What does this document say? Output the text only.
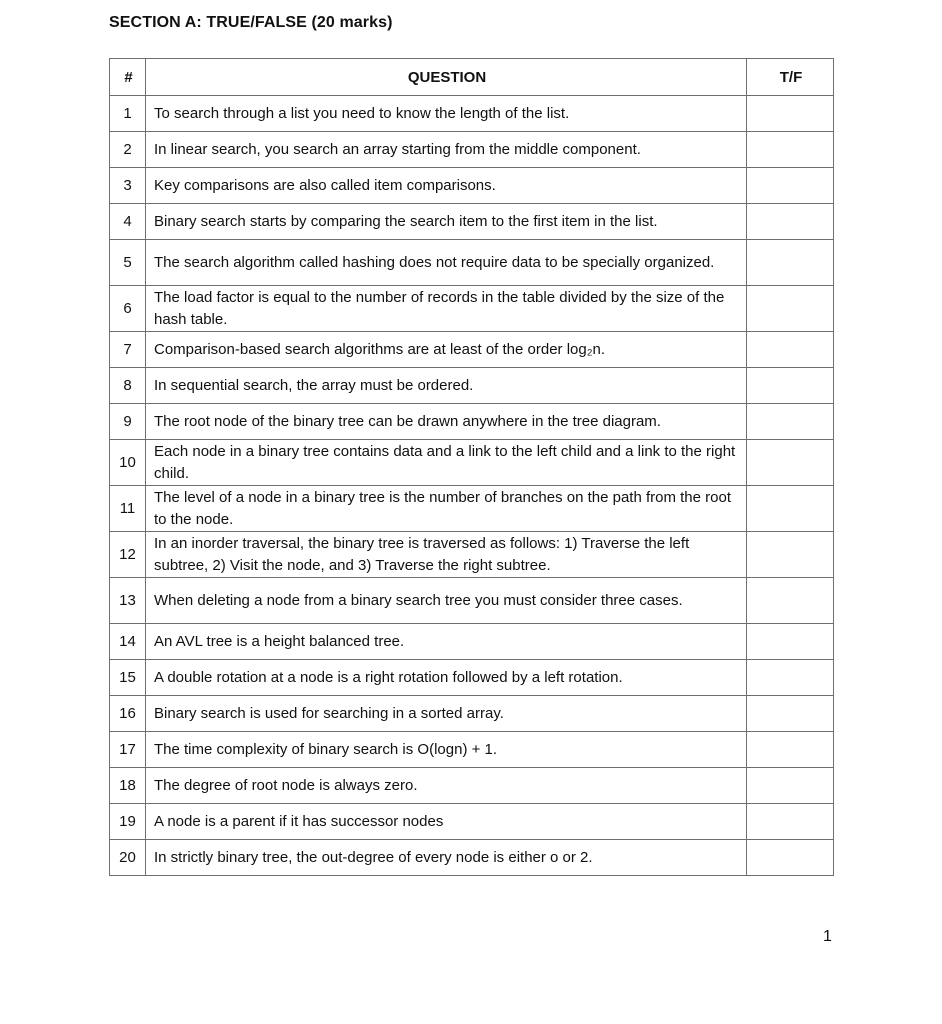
SECTION A: TRUE/FALSE (20 marks)
#	QUESTION	T/F
1	To search through a list you need to know the length of the list.	
2	In linear search, you search an array starting from the middle component.	
3	Key comparisons are also called item comparisons.	
4	Binary search starts by comparing the search item to the first item in the list.	
5	The search algorithm called hashing does not require data to be specially organized.	
6	The load factor is equal to the number of records in the table divided by the size of the hash table.	
7	Comparison-based search algorithms are at least of the order log₂n.	
8	In sequential search, the array must be ordered.	
9	The root node of the binary tree can be drawn anywhere in the tree diagram.	
10	Each node in a binary tree contains data and a link to the left child and a link to the right child.	
11	The level of a node in a binary tree is the number of branches on the path from the root to the node.	
12	In an inorder traversal, the binary tree is traversed as follows: 1) Traverse the left subtree, 2) Visit the node, and 3) Traverse the right subtree.	
13	When deleting a node from a binary search tree you must consider three cases.	
14	An AVL tree is a height balanced tree.	
15	A double rotation at a node is a right rotation followed by a left rotation.	
16	Binary search is used for searching in a sorted array.	
17	The time complexity of binary search is O(logn) + 1.	
18	The degree of root node is always zero.	
19	A node is a parent if it has successor nodes	
20	In strictly binary tree, the out-degree of every node is either o or 2.	
1
